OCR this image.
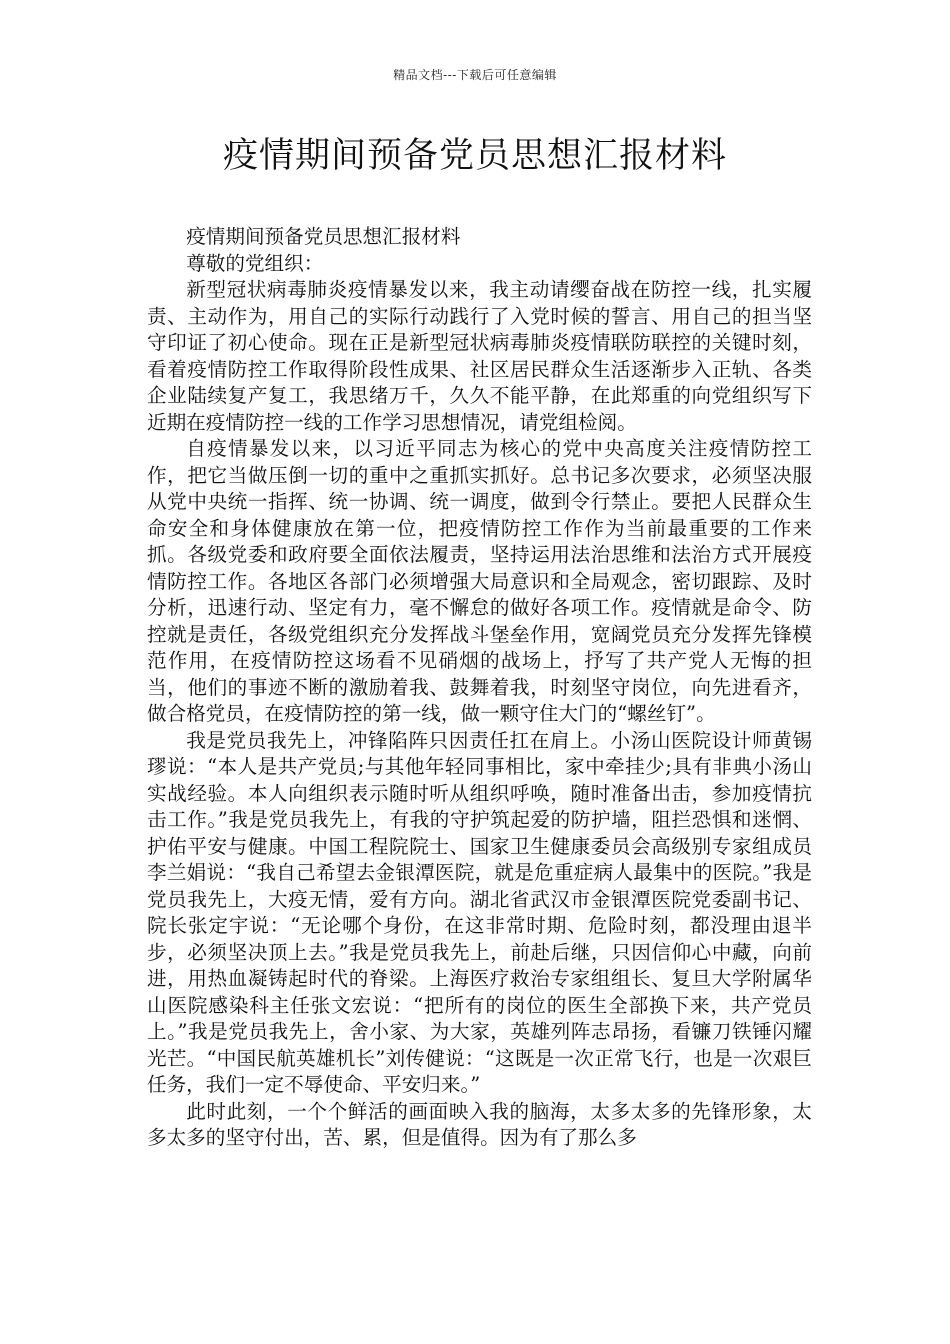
精品文档---下载后可任意编辑
疫情期间预备党员思想汇报材料

疫情期间预备党员思想汇报材料

尊敬的党组织：

新型冠状病毒肺炎疫情暴发以来，我主动请缨奋战在防控一线，扎实履责、主动作为，用自己的实际行动践行了入党时候的誓言、用自己的担当坚守印证了初心使命。现在正是新型冠状病毒肺炎疫情联防联控的关键时刻，看着疫情防控工作取得阶段性成果、社区居民群众生活逐渐步入正轨、各类企业陆续复产复工，我思绪万千，久久不能平静，在此郑重的向党组织写下近期在疫情防控一线的工作学习思想情况，请党组检阅。

自疫情暴发以来，以习近平同志为核心的党中央高度关注疫情防控工作，把它当做压倒一切的重中之重抓实抓好。总书记多次要求，必须坚决服从党中央统一指挥、统一协调、统一调度，做到令行禁止。要把人民群众生命安全和身体健康放在第一位，把疫情防控工作作为当前最重要的工作来抓。各级党委和政府要全面依法履责，坚持运用法治思维和法治方式开展疫情防控工作。各地区各部门必须增强大局意识和全局观念，密切跟踪、及时分析，迅速行动、坚定有力，毫不懈怠的做好各项工作。疫情就是命令、防控就是责任，各级党组织充分发挥战斗堡垒作用，宽阔党员充分发挥先锋模范作用，在疫情防控这场看不见硝烟的战场上，抒写了共产党人无悔的担当，他们的事迹不断的激励着我、鼓舞着我，时刻坚守岗位，向先进看齐，做合格党员，在疫情防控的第一线，做一颗守住大门的“螺丝钉”。

我是党员我先上，冲锋陷阵只因责任扛在肩上。小汤山医院设计师黄锡璆说：“本人是共产党员;与其他年轻同事相比，家中牵挂少;具有非典小汤山实战经验。本人向组织表示随时听从组织呼唤，随时准备出击，参加疫情抗击工作。”我是党员我先上，有我的守护筑起爱的防护墙，阻拦恐惧和迷惘、护佑平安与健康。中国工程院院士、国家卫生健康委员会高级别专家组成员李兰娟说：“我自己希望去金银潭医院，就是危重症病人最集中的医院。”我是党员我先上，大疫无情，爱有方向。湖北省武汉市金银潭医院党委副书记、院长张定宇说：“无论哪个身份，在这非常时期、危险时刻，都没理由退半步，必须坚决顶上去。”我是党员我先上，前赴后继，只因信仰心中藏，向前进，用热血凝铸起时代的脊梁。上海医疗救治专家组组长、复旦大学附属华山医院感染科主任张文宏说：“把所有的岗位的医生全部换下来，共产党员上。”我是党员我先上，舍小家、为大家，英雄列阵志昂扬，看镰刀铁锤闪耀光芒。“中国民航英雄机长”刘传健说：“这既是一次正常飞行，也是一次艰巨任务，我们一定不辱使命、平安归来。”

此时此刻，一个个鲜活的画面映入我的脑海，太多太多的先锋形象，太多太多的坚守付出，苦、累，但是值得。因为有了那么多
